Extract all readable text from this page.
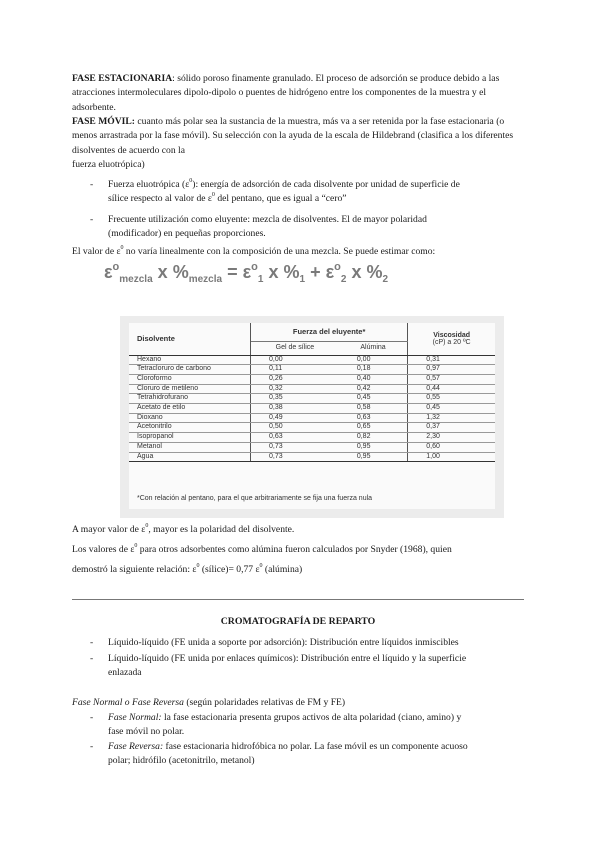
FASE ESTACIONARIA: sólido poroso finamente granulado. El proceso de adsorción se produce debido a las atracciones intermoleculares dipolo-dipolo o puentes de hidrógeno entre los componentes de la muestra y el adsorbente.

FASE MÓVIL: cuanto más polar sea la sustancia de la muestra, más va a ser retenida por la fase estacionaria (o menos arrastrada por la fase móvil). Su selección con la ayuda de la escala de Hildebrand (clasifica a los diferentes disolventes de acuerdo con la

fuerza eluotrópica)

- Fuerza eluotrópica $(\varepsilon^0)$: energía de adsorción de cada disolvente por unidad de superficie de
sílice respecto al valor de $\varepsilon^0$ del pentano, que es igual a “cero”

- Frecuente utilización como eluyente: mezcla de disolventes. El de mayor polaridad
(modificador) en pequeñas proporciones.

El valor de $\varepsilon^0$ no varía linealmente con la composición de una mezcla. Se puede estimar como:

$\varepsilon^o_{mezcla}$ x $\%_{mezcla} = \varepsilon^o_1$ x $\%_1 + \varepsilon^o_2$ x $\%_2$
Disolvente	Fuerza del eluyente*		Viscosidad
(cP) a 20 ºC
	Gel de sílice	Alúmina	
Hexano	0,00	0,00	0,31
Tetracloruro de carbono	0,11	0,18	0,97
Cloroformo	0,26	0,40	0,57
Cloruro de metileno	0,32	0,42	0,44
Tetrahidrofurano	0,35	0,45	0,55
Acetato de etilo	0,38	0,58	0,45
Dioxano	0,49	0,63	1,32
Acetonitrilo	0,50	0,65	0,37
Isopropanol	0,63	0,82	2,30
Metanol	0,73	0,95	0,60
Agua	0,73	0,95	1,00
*Con relación al pentano, para el que arbitrariamente se fija una fuerza nula

A mayor valor de $\varepsilon^0$, mayor es la polaridad del disolvente.

Los valores de $\varepsilon^0$ para otros adsorbentes como alúmina fueron calculados por Snyder (1968), quien

demostró la siguiente relación: $\varepsilon^0$ (sílice)= 0,77 $\varepsilon^0$ (alúmina)

CROMATOGRAFÍA DE REPARTO
- Líquido-líquido (FE unida a soporte por adsorción): Distribución entre líquidos inmiscibles

- Líquido-líquido (FE unida por enlaces químicos): Distribución entre el líquido y la superficie
enlazada

Fase Normal o Fase Reversa (según polaridades relativas de FM y FE)

- Fase Normal: la fase estacionaria presenta grupos activos de alta polaridad (ciano, amino) y
fase móvil no polar.

- Fase Reversa: fase estacionaria hidrofóbica no polar. La fase móvil es un componente acuoso
polar; hidrófilo (acetonitrilo, metanol)
